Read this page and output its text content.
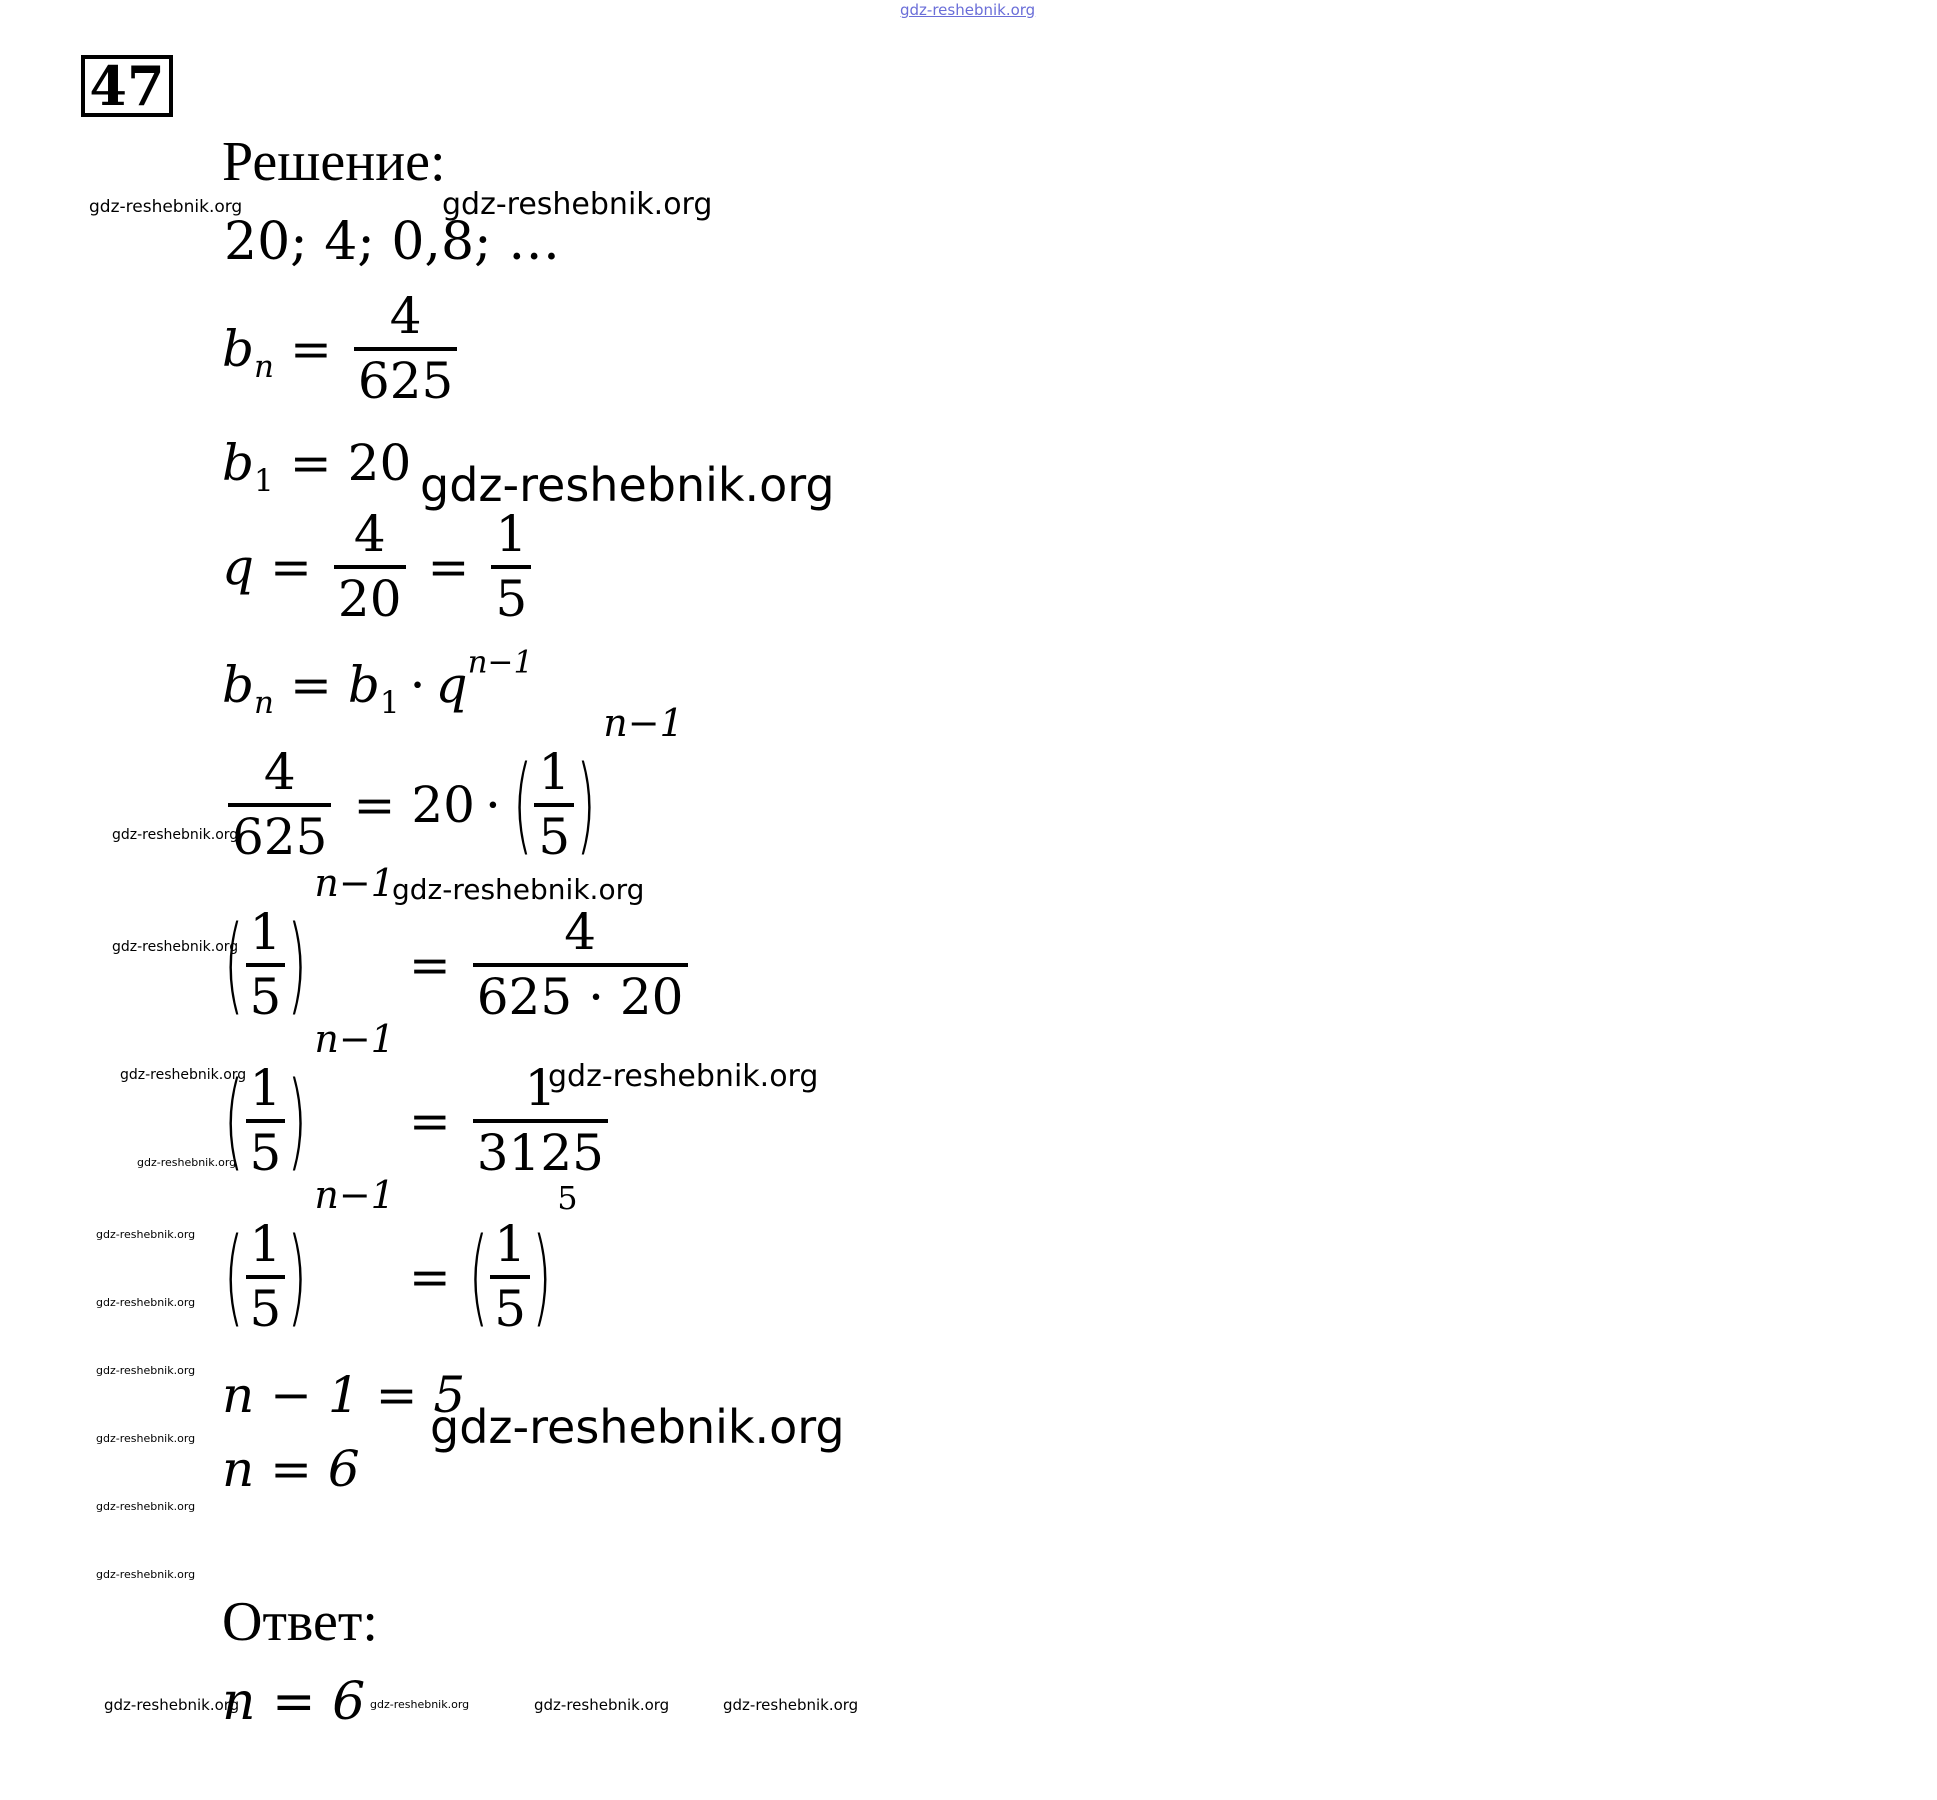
gdz-reshebnik.org
47
Решение:
20; 4; 0,8; …
$b_n = \frac{4}{625}$
$b_1 = 20$
$q = \frac{4}{20} = \frac{1}{5}$
$b_n = b_1 \cdot q^{n-1}$
$\frac{4}{625} = 20$ · ( $\frac{1}{5}$ )
n−1
( $\frac{1}{5}$ )
n−1
= $\frac{4}{625 \cdot 20}$
( $\frac{1}{5}$ )
n−1
= $\frac{1}{3125}$
( $\frac{1}{5}$ )
n−1
= ( $\frac{1}{5}$ )
5
n − 1 = 5
n = 6
Ответ:
n = 6
gdz-reshebnik.org	gdz-reshebnik.org
gdz-reshebnik.org
gdz-reshebnik.org
gdz-reshebnik.org
gdz-reshebnik.org
gdz-reshebnik.org	gdz-reshebnik.org
gdz-reshebnik.org
gdz-reshebnik.org
gdz-reshebnik.org
gdz-reshebnik.org
gdz-reshebnik.org
gdz-reshebnik.org
gdz-reshebnik.org
gdz-reshebnik.org
gdz-reshebnik.org	gdz-reshebnik.org	gdz-reshebnik.org	gdz-reshebnik.org
gdz-reshebnik.org
